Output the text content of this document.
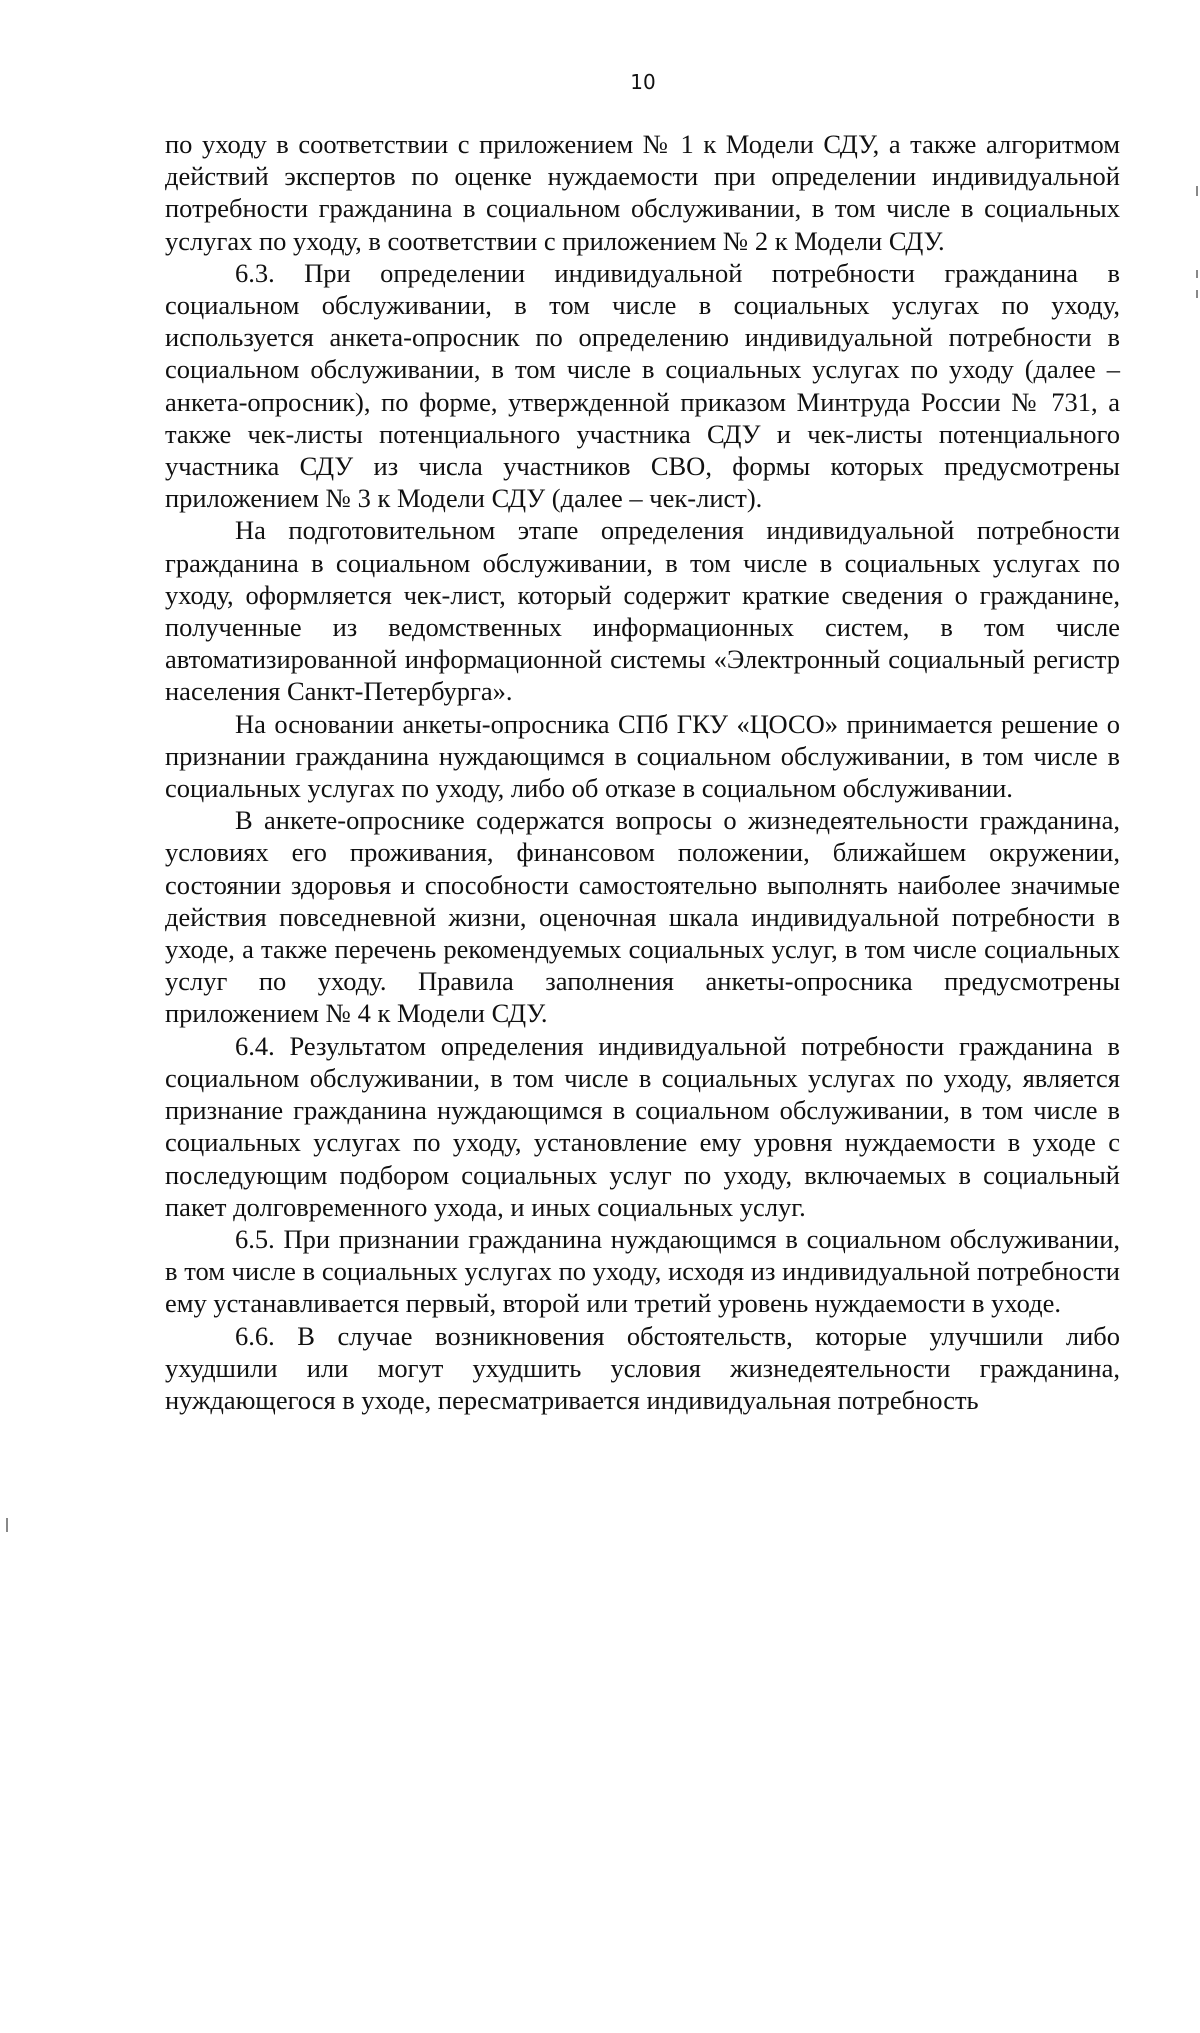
10

по уходу в соответствии с приложением № 1 к Модели СДУ, а также алгоритмом действий экспертов по оценке нуждаемости при определении индивидуальной потребности гражданина в социальном обслуживании, в том числе в социальных услугах по уходу, в соответствии с приложением № 2 к Модели СДУ.

6.3. При определении индивидуальной потребности гражданина в социальном обслуживании, в том числе в социальных услугах по уходу, используется анкета-опросник по определению индивидуальной потребности в социальном обслуживании, в том числе в социальных услугах по уходу (далее – анкета-опросник), по форме, утвержденной приказом Минтруда России № 731, а также чек-листы потенциального участника СДУ и чек-листы потенциального участника СДУ из числа участников СВО, формы которых предусмотрены приложением № 3 к Модели СДУ (далее – чек-лист).

На подготовительном этапе определения индивидуальной потребности гражданина в социальном обслуживании, в том числе в социальных услугах по уходу, оформляется чек-лист, который содержит краткие сведения о гражданине, полученные из ведомственных информационных систем, в том числе автоматизированной информационной системы «Электронный социальный регистр населения Санкт-Петербурга».

На основании анкеты-опросника СПб ГКУ «ЦОСО» принимается решение о признании гражданина нуждающимся в социальном обслуживании, в том числе в социальных услугах по уходу, либо об отказе в социальном обслуживании.

В анкете-опроснике содержатся вопросы о жизнедеятельности гражданина, условиях его проживания, финансовом положении, ближайшем окружении, состоянии здоровья и способности самостоятельно выполнять наиболее значимые действия повседневной жизни, оценочная шкала индивидуальной потребности в уходе, а также перечень рекомендуемых социальных услуг, в том числе социальных услуг по уходу. Правила заполнения анкеты-опросника предусмотрены приложением № 4 к Модели СДУ.

6.4. Результатом определения индивидуальной потребности гражданина в социальном обслуживании, в том числе в социальных услугах по уходу, является признание гражданина нуждающимся в социальном обслуживании, в том числе в социальных услугах по уходу, установление ему уровня нуждаемости в уходе с последующим подбором социальных услуг по уходу, включаемых в социальный пакет долговременного ухода, и иных социальных услуг.

6.5. При признании гражданина нуждающимся в социальном обслуживании, в том числе в социальных услугах по уходу, исходя из индивидуальной потребности ему устанавливается первый, второй или третий уровень нуждаемости в уходе.

6.6. В случае возникновения обстоятельств, которые улучшили либо ухудшили или могут ухудшить условия жизнедеятельности гражданина, нуждающегося в уходе, пересматривается индивидуальная потребность
